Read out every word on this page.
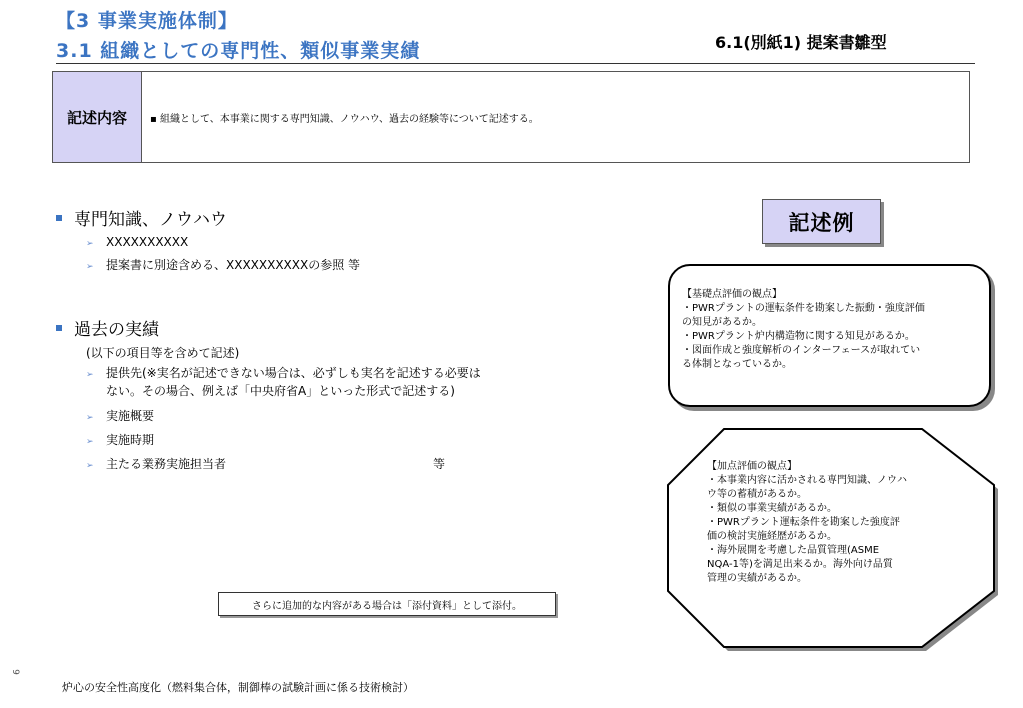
【3 事業実施体制】
3.1 組織としての専門性、類似事業実績	6.1(別紙1) 提案書雛型
記述内容	▪ 組織として、本事業に関する専門知識、ノウハウ、過去の経験等について記述する。
専門知識、ノウハウ
➢ XXXXXXXXXX
➢ 提案書に別途含める、XXXXXXXXXXの参照 等
過去の実績
(以下の項目等を含めて記述)
➢ 提供先(※実名が記述できない場合は、必ずしも実名を記述する必要は
ない。その場合、例えば「中央府省A」といった形式で記述する)
➢ 実施概要
➢ 実施時期
➢ 主たる業務実施担当者	等
記述例
【基礎点評価の観点】
・PWRプラントの運転条件を勘案した振動・強度評価
の知見があるか。
・PWRプラント炉内構造物に関する知見があるか。
・図面作成と強度解析のインターフェースが取れてい
る体制となっているか。
【加点評価の観点】
・本事業内容に活かされる専門知識、ノウハ
ウ等の蓄積があるか。
・類似の事業実績があるか。
・PWRプラント運転条件を勘案した強度評
価の検討実施経歴があるか。
・海外展開を考慮した品質管理(ASME
NQA-1等)を満足出来るか。海外向け品質
管理の実績があるか。
さらに追加的な内容がある場合は「添付資料」として添付。
9
炉心の安全性高度化（燃料集合体，制御棒の試験計画に係る技術検討）
